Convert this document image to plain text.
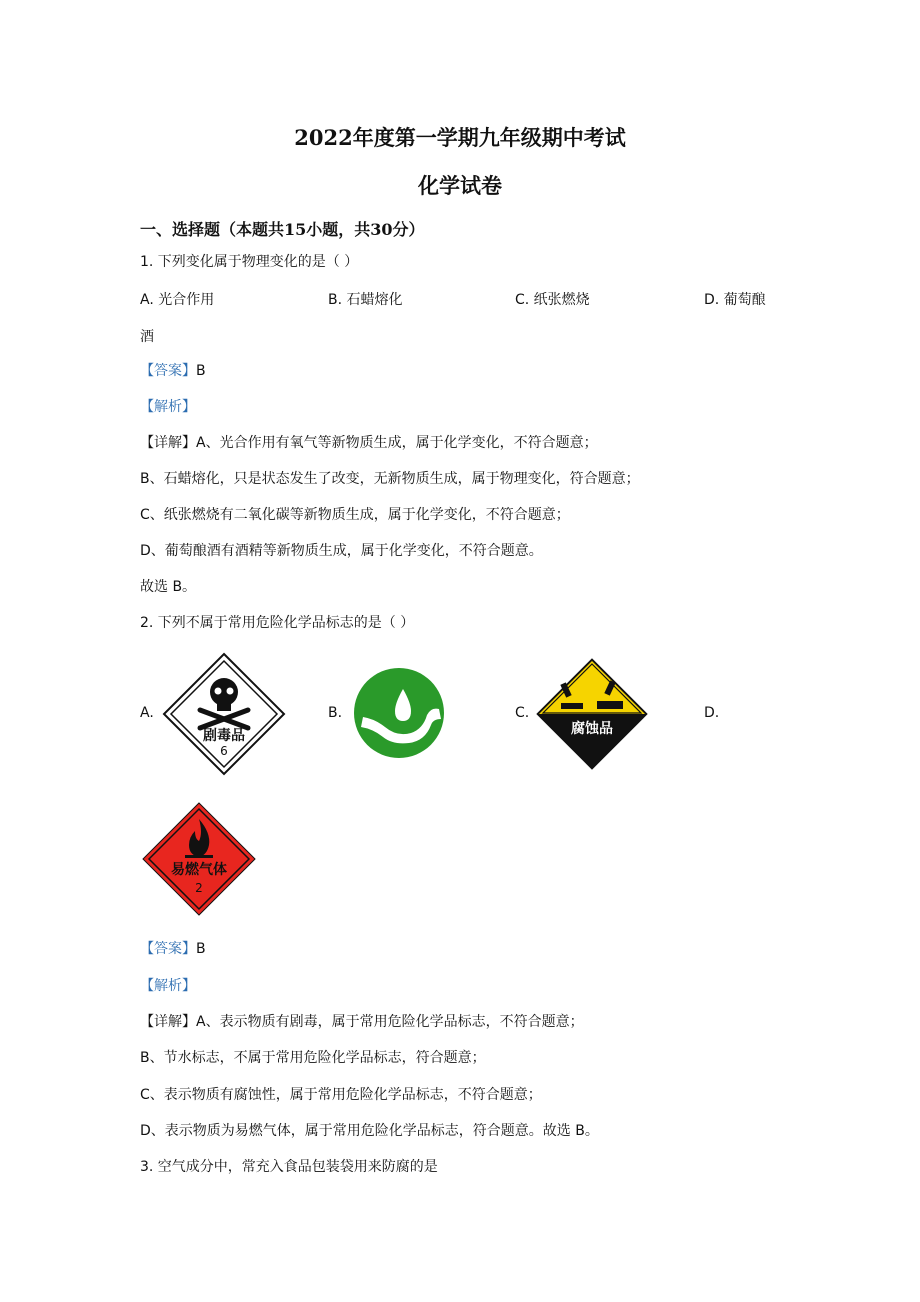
2022年度第一学期九年级期中考试
化学试卷
一、选择题（本题共15小题，共30分）
1. 下列变化属于物理变化的是（ ）
A. 光合作用	B. 石蜡熔化	C. 纸张燃烧	D. 葡萄酿
酒
【答案】B
【解析】
【详解】A、光合作用有氧气等新物质生成，属于化学变化，不符合题意；
B、石蜡熔化，只是状态发生了改变，无新物质生成，属于物理变化，符合题意；
C、纸张燃烧有二氧化碳等新物质生成，属于化学变化，不符合题意；
D、葡萄酿酒有酒精等新物质生成，属于化学变化，不符合题意。
故选 B。
2. 下列不属于常用危险化学品标志的是（ ）
A.	B.	C.	D.
剧毒品
6
腐蚀品
易燃气体
2
【答案】B
【解析】
【详解】A、表示物质有剧毒，属于常用危险化学品标志，不符合题意；
B、节水标志，不属于常用危险化学品标志，符合题意；
C、表示物质有腐蚀性，属于常用危险化学品标志，不符合题意；
D、表示物质为易燃气体，属于常用危险化学品标志，符合题意。故选 B。
3. 空气成分中，常充入食品包装袋用来防腐的是
